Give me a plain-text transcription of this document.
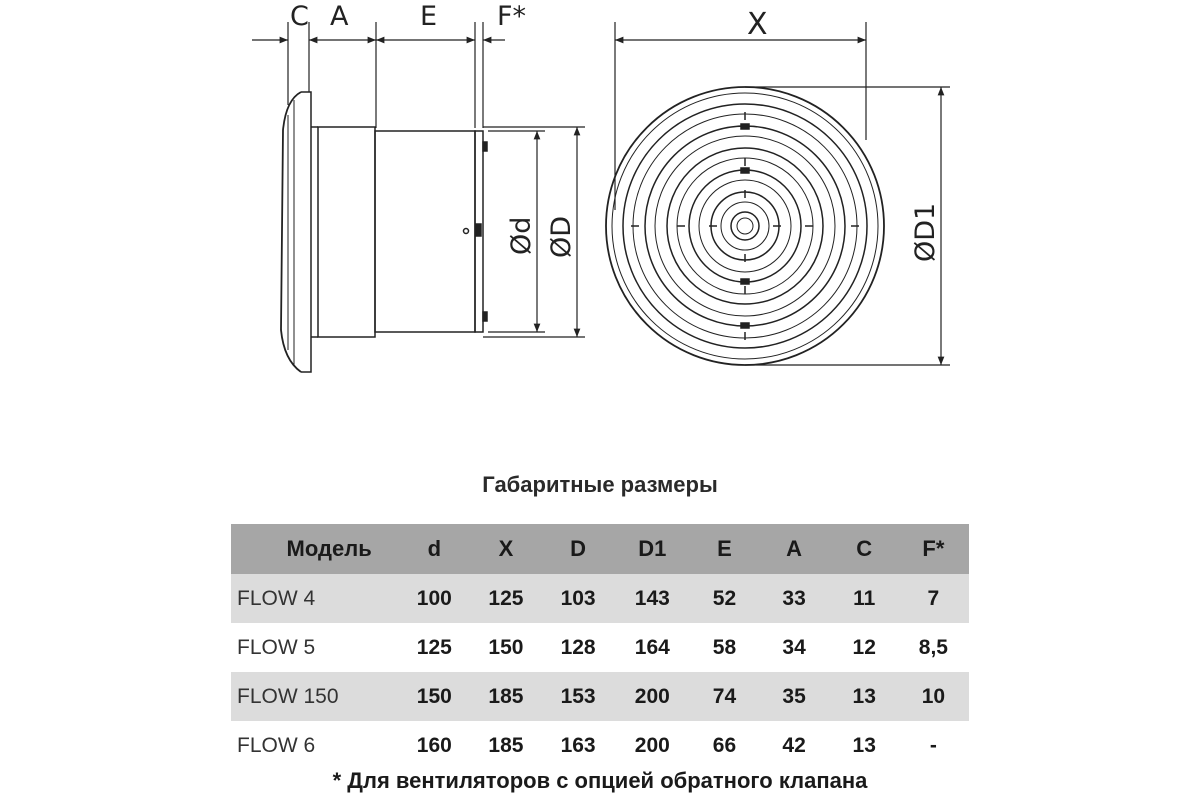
C A	E F*
Ød ØD
X
ØD1
Габаритные размеры
Модель	d	X	D	D1	E	A	C	F*
FLOW 4	100	125	103	143	52	33	11	7
FLOW 5	125	150	128	164	58	34	12	8,5
FLOW 150	150	185	153	200	74	35	13	10
FLOW 6	160	185	163	200	66	42	13	-
* Для вентиляторов с опцией обратного клапана
